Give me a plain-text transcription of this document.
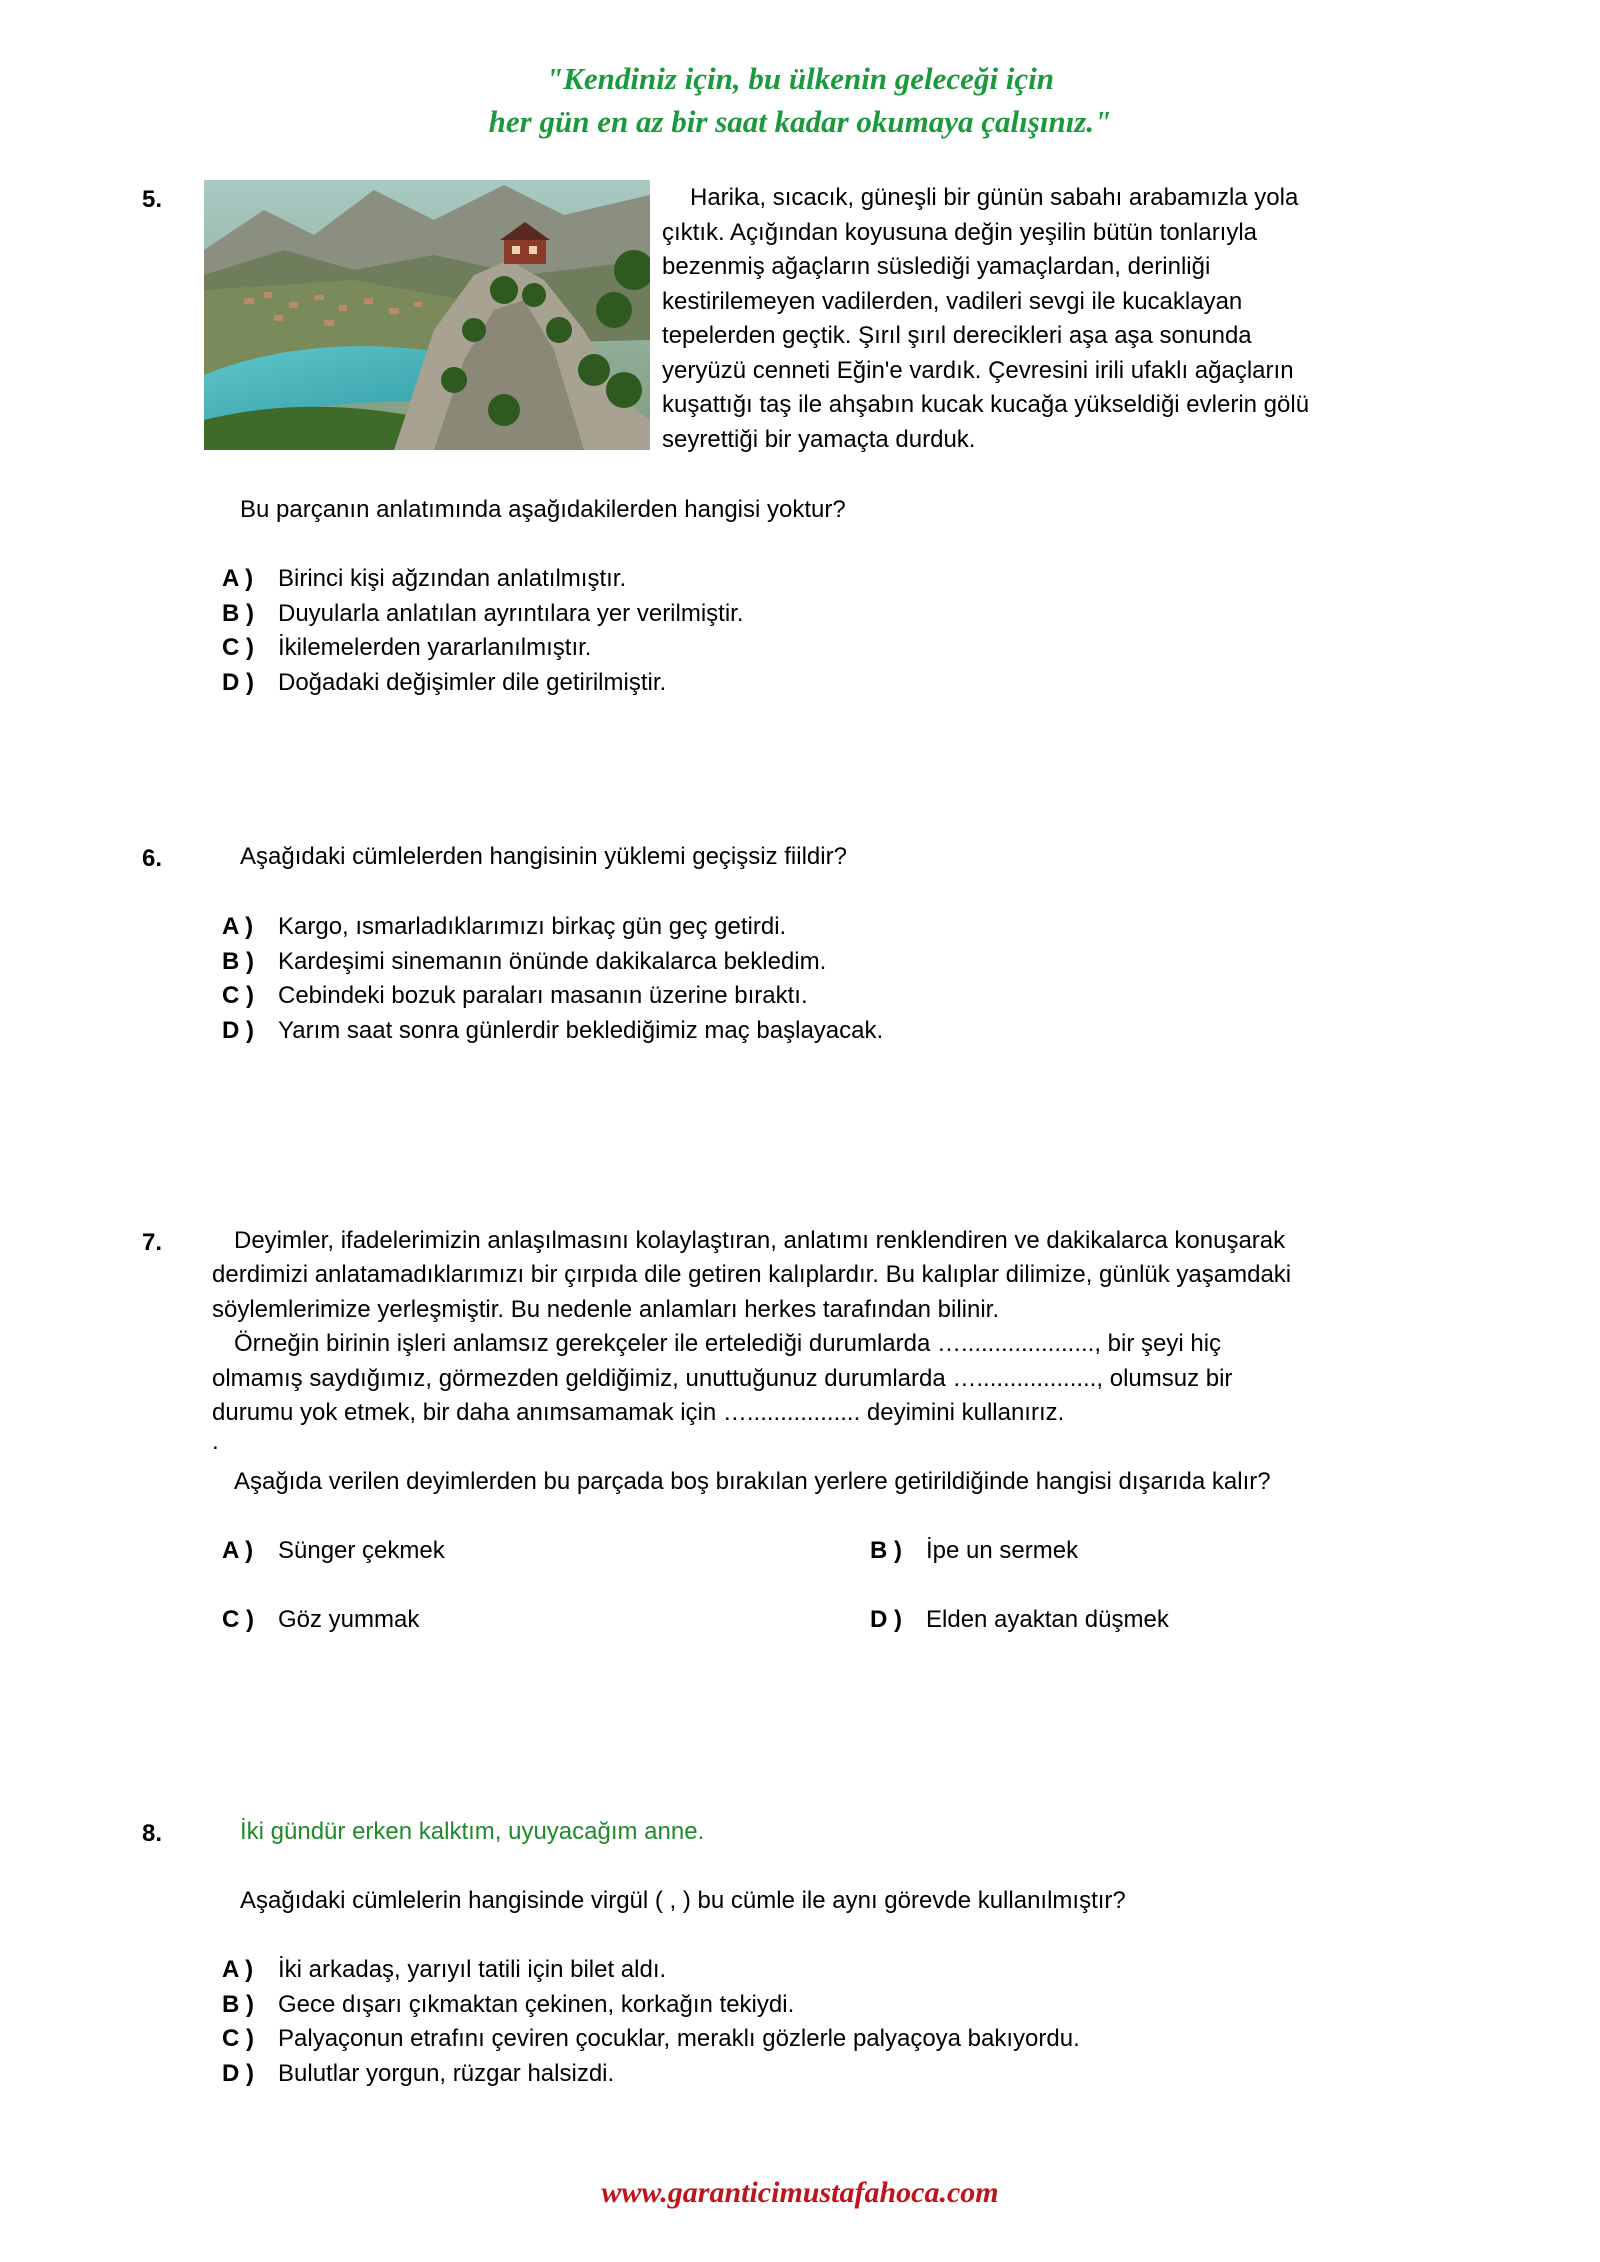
"Kendiniz için, bu ülkenin geleceği için
her gün en az bir saat kadar okumaya çalışınız."
5.	Harika, sıcacık, güneşli bir günün sabahı arabamızla yola
çıktık. Açığından koyusuna değin yeşilin bütün tonlarıyla
bezenmiş ağaçların süslediği yamaçlardan, derinliği
kestirilemeyen vadilerden, vadileri sevgi ile kucaklayan
tepelerden geçtik. Şırıl şırıl derecikleri aşa aşa sonunda
yeryüzü cenneti Eğin'e vardık. Çevresini irili ufaklı ağaçların
kuşattığı taş ile ahşabın kucak kucağa yükseldiği evlerin gölü
seyrettiği bir yamaçta durduk.
Bu parçanın anlatımında aşağıdakilerden hangisi yoktur?
A ) Birinci kişi ağzından anlatılmıştır.
B ) Duyularla anlatılan ayrıntılara yer verilmiştir.
C ) İkilemelerden yararlanılmıştır.
D ) Doğadaki değişimler dile getirilmiştir.
6.	Aşağıdaki cümlelerden hangisinin yüklemi geçişsiz fiildir?
A ) Kargo, ısmarladıklarımızı birkaç gün geç getirdi.
B ) Kardeşimi sinemanın önünde dakikalarca bekledim.
C ) Cebindeki bozuk paraları masanın üzerine bıraktı.
D ) Yarım saat sonra günlerdir beklediğimiz maç başlayacak.
7.	Deyimler, ifadelerimizin anlaşılmasını kolaylaştıran, anlatımı renklendiren ve dakikalarca konuşarak
derdimizi anlatamadıklarımızı bir çırpıda dile getiren kalıplardır. Bu kalıplar dilimize, günlük yaşamdaki
söylemlerimize yerleşmiştir. Bu nedenle anlamları herkes tarafından bilinir.
Örneğin birinin işleri anlamsız gerekçeler ile ertelediği durumlarda …...................., bir şeyi hiç
olmamış saydığımız, görmezden geldiğimiz, unuttuğunuz durumlarda ….................., olumsuz bir
durumu yok etmek, bir daha anımsamamak için …................. deyimini kullanırız.
.
Aşağıda verilen deyimlerden bu parçada boş bırakılan yerlere getirildiğinde hangisi dışarıda kalır?
A ) Sünger çekmek	B ) İpe un sermek
C ) Göz yummak	D ) Elden ayaktan düşmek
8.	İki gündür erken kalktım, uyuyacağım anne.
Aşağıdaki cümlelerin hangisinde virgül ( , ) bu cümle ile aynı görevde kullanılmıştır?
A ) İki arkadaş, yarıyıl tatili için bilet aldı.
B ) Gece dışarı çıkmaktan çekinen, korkağın tekiydi.
C ) Palyaçonun etrafını çeviren çocuklar, meraklı gözlerle palyaçoya bakıyordu.
D ) Bulutlar yorgun, rüzgar halsizdi.
www.garanticimustafahoca.com
